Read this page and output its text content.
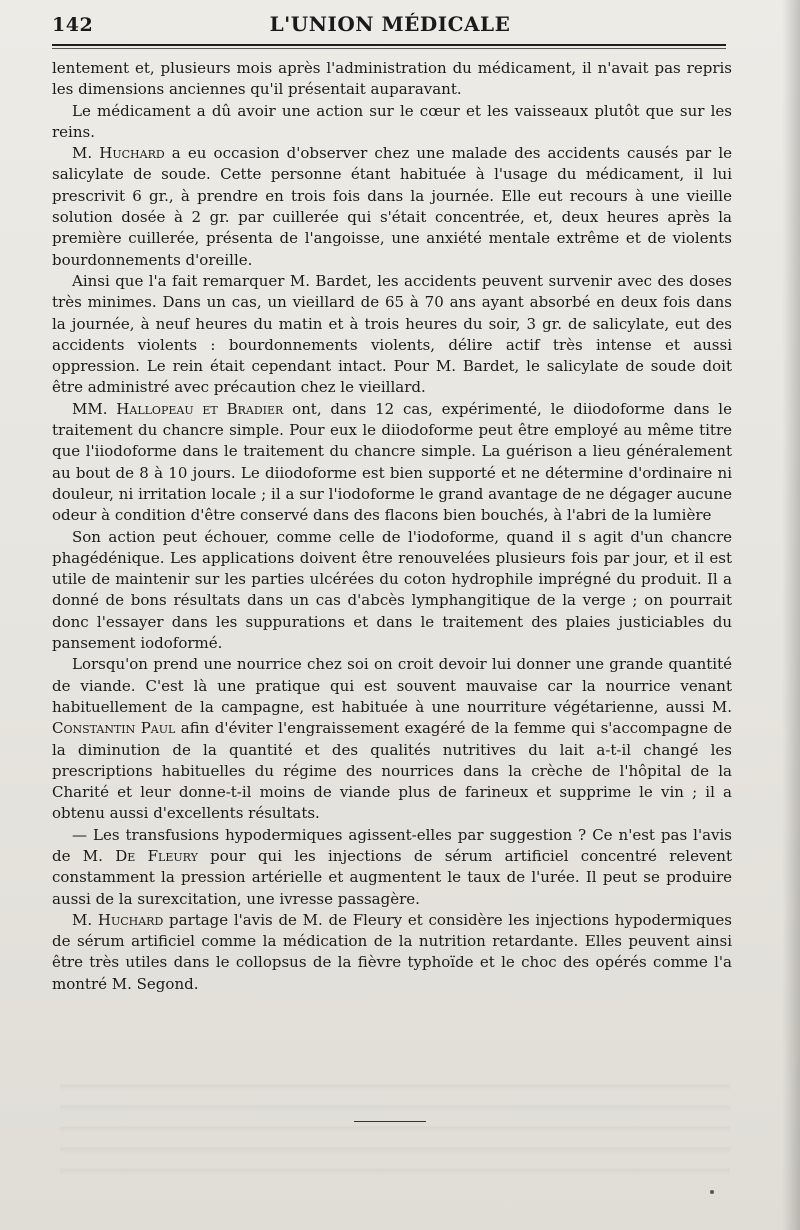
142	L'UNION MÉDICALE

lentement et, plusieurs mois après l'administration du médicament, il n'avait pas repris les dimensions anciennes qu'il présentait auparavant.

Le médicament a dû avoir une action sur le cœur et les vaisseaux plutôt que sur les reins.

M. Huchard a eu occasion d'observer chez une malade des accidents causés par le salicylate de soude. Cette personne étant habituée à l'usage du médicament, il lui prescrivit 6 gr., à prendre en trois fois dans la journée. Elle eut recours à une vieille solution dosée à 2 gr. par cuillerée qui s'était concentrée, et, deux heures après la première cuillerée, présenta de l'angoisse, une anxiété mentale extrême et de violents bourdonnements d'oreille.

Ainsi que l'a fait remarquer M. Bardet, les accidents peuvent survenir avec des doses très minimes. Dans un cas, un vieillard de 65 à 70 ans ayant absorbé en deux fois dans la journée, à neuf heures du matin et à trois heures du soir, 3 gr. de salicylate, eut des accidents violents : bourdonnements violents, délire actif très intense et aussi oppression. Le rein était cependant intact. Pour M. Bardet, le salicylate de soude doit être administré avec précaution chez le vieillard.

MM. Hallopeau et Bradier ont, dans 12 cas, expérimenté, le diiodoforme dans le traitement du chancre simple. Pour eux le diiodoforme peut être employé au même titre que l'iiodoforme dans le traitement du chancre simple. La guérison a lieu généralement au bout de 8 à 10 jours. Le diiodoforme est bien supporté et ne détermine d'ordinaire ni douleur, ni irritation locale ; il a sur l'iodoforme le grand avantage de ne dégager aucune odeur à condition d'être conservé dans des flacons bien bouchés, à l'abri de la lumière

Son action peut échouer, comme celle de l'iodoforme, quand il s agit d'un chancre phagédénique. Les applications doivent être renouvelées plusieurs fois par jour, et il est utile de maintenir sur les parties ulcérées du coton hydrophile imprégné du produit. Il a donné de bons résultats dans un cas d'abcès lymphangitique de la verge ; on pourrait donc l'essayer dans les suppurations et dans le traitement des plaies justiciables du pansement iodoformé.

Lorsqu'on prend une nourrice chez soi on croit devoir lui donner une grande quantité de viande. C'est là une pratique qui est souvent mauvaise car la nourrice venant habituellement de la campagne, est habituée à une nourriture végétarienne, aussi M. Constantin Paul afin d'éviter l'engraissement exagéré de la femme qui s'accompagne de la diminution de la quantité et des qualités nutritives du lait a-t-il changé les prescriptions habituelles du régime des nourrices dans la crèche de l'hôpital de la Charité et leur donne-t-il moins de viande plus de farineux et supprime le vin ; il a obtenu aussi d'excellents résultats.

— Les transfusions hypodermiques agissent-elles par suggestion ? Ce n'est pas l'avis de M. De Fleury pour qui les injections de sérum artificiel concentré relevent constamment la pression artérielle et augmentent le taux de l'urée. Il peut se produire aussi de la surexcitation, une ivresse passagère.

M. Huchard partage l'avis de M. de Fleury et considère les injections hypodermiques de sérum artificiel comme la médication de la nutrition retardante. Elles peuvent ainsi être très utiles dans le collopsus de la fièvre typhoïde et le choc des opérés comme l'a montré M. Segond.
